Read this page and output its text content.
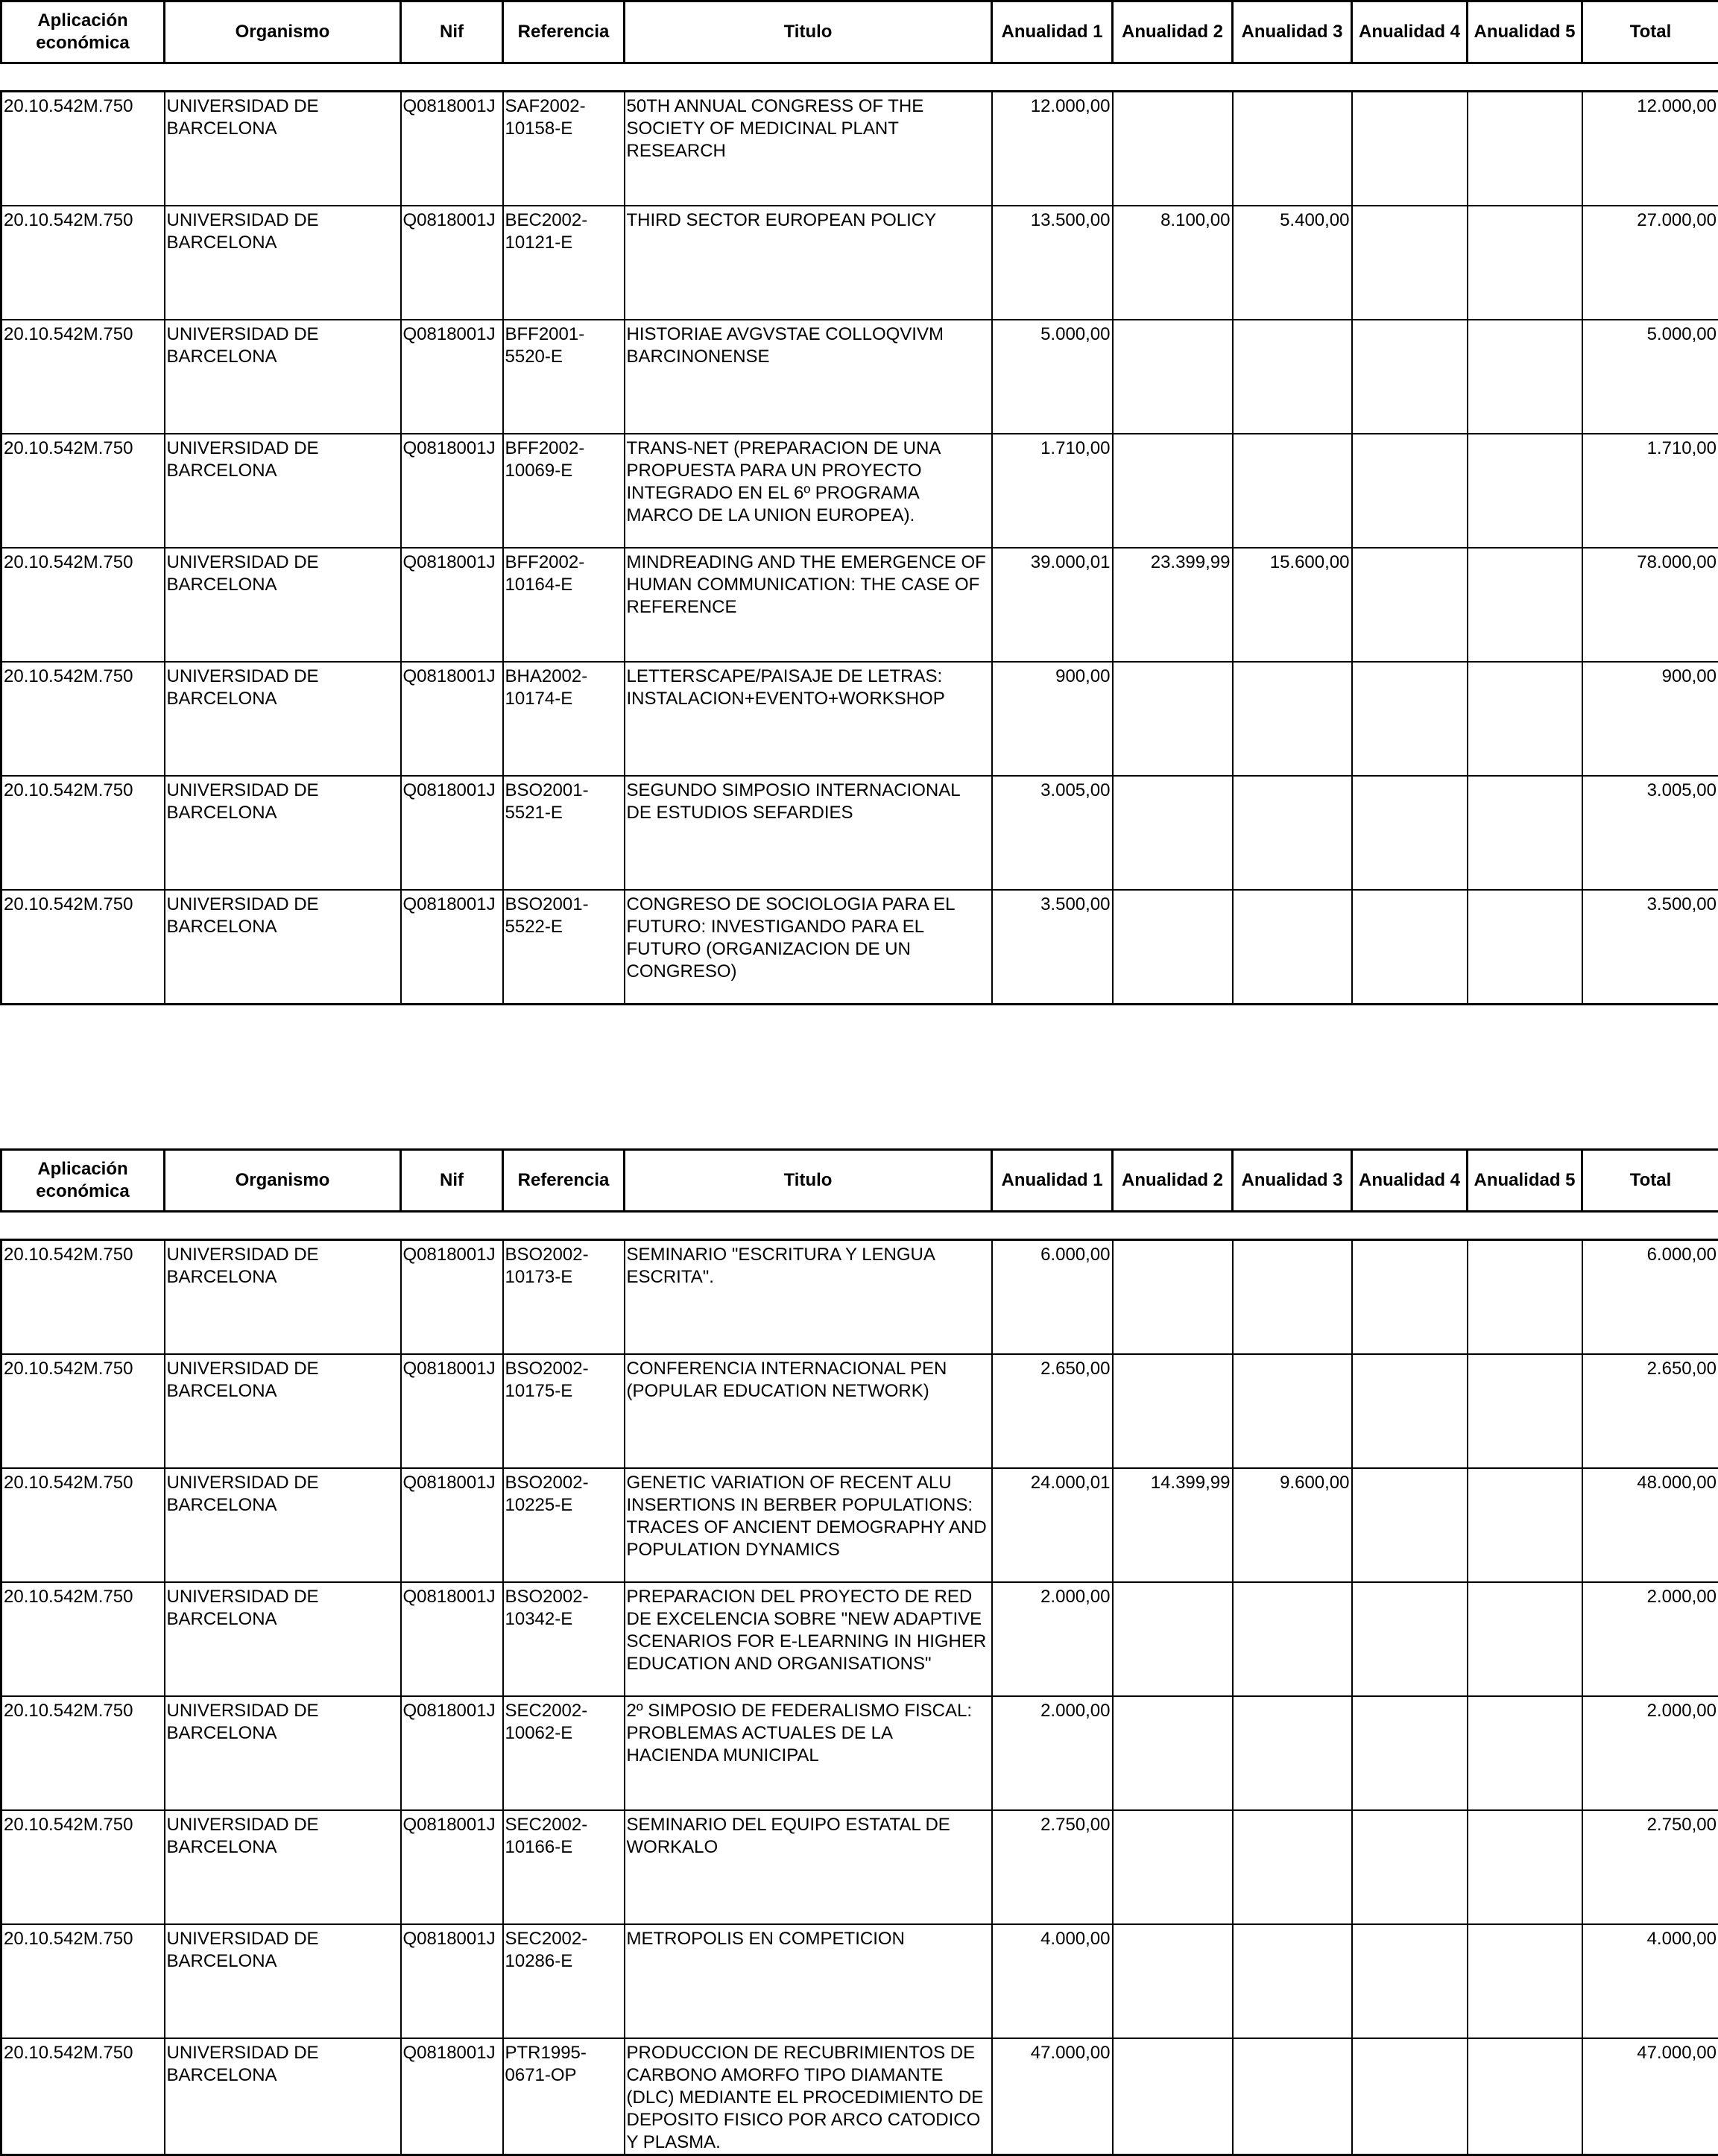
Aplicación económica	Organismo	Nif	Referencia	Titulo	Anualidad 1	Anualidad 2	Anualidad 3	Anualidad 4	Anualidad 5	Total
20.10.542M.750	UNIVERSIDAD DE BARCELONA	Q0818001J	SAF2002-10158-E	50TH ANNUAL CONGRESS OF THE SOCIETY OF MEDICINAL PLANT RESEARCH	12.000,00					12.000,00
20.10.542M.750	UNIVERSIDAD DE BARCELONA	Q0818001J	BEC2002-10121-E	THIRD SECTOR EUROPEAN POLICY	13.500,00	8.100,00	5.400,00			27.000,00
20.10.542M.750	UNIVERSIDAD DE BARCELONA	Q0818001J	BFF2001-5520-E	HISTORIAE AVGVSTAE COLLOQVIVM BARCINONENSE	5.000,00					5.000,00
20.10.542M.750	UNIVERSIDAD DE BARCELONA	Q0818001J	BFF2002-10069-E	TRANS-NET (PREPARACION DE UNA PROPUESTA PARA UN PROYECTO INTEGRADO EN EL 6º PROGRAMA MARCO DE LA UNION EUROPEA).	1.710,00					1.710,00
20.10.542M.750	UNIVERSIDAD DE BARCELONA	Q0818001J	BFF2002-10164-E	MINDREADING AND THE EMERGENCE OF HUMAN COMMUNICATION: THE CASE OF REFERENCE	39.000,01	23.399,99	15.600,00			78.000,00
20.10.542M.750	UNIVERSIDAD DE BARCELONA	Q0818001J	BHA2002-10174-E	LETTERSCAPE/PAISAJE DE LETRAS: INSTALACION+EVENTO+WORKSHOP	900,00					900,00
20.10.542M.750	UNIVERSIDAD DE BARCELONA	Q0818001J	BSO2001-5521-E	SEGUNDO SIMPOSIO INTERNACIONAL DE ESTUDIOS SEFARDIES	3.005,00					3.005,00
20.10.542M.750	UNIVERSIDAD DE BARCELONA	Q0818001J	BSO2001-5522-E	CONGRESO DE SOCIOLOGIA PARA EL FUTURO: INVESTIGANDO PARA EL FUTURO (ORGANIZACION DE UN CONGRESO)	3.500,00					3.500,00
Aplicación económica	Organismo	Nif	Referencia	Titulo	Anualidad 1	Anualidad 2	Anualidad 3	Anualidad 4	Anualidad 5	Total
20.10.542M.750	UNIVERSIDAD DE BARCELONA	Q0818001J	BSO2002-10173-E	SEMINARIO "ESCRITURA Y LENGUA ESCRITA".	6.000,00					6.000,00
20.10.542M.750	UNIVERSIDAD DE BARCELONA	Q0818001J	BSO2002-10175-E	CONFERENCIA INTERNACIONAL PEN (POPULAR EDUCATION NETWORK)	2.650,00					2.650,00
20.10.542M.750	UNIVERSIDAD DE BARCELONA	Q0818001J	BSO2002-10225-E	GENETIC VARIATION OF RECENT ALU INSERTIONS IN BERBER POPULATIONS: TRACES OF ANCIENT DEMOGRAPHY AND POPULATION DYNAMICS	24.000,01	14.399,99	9.600,00			48.000,00
20.10.542M.750	UNIVERSIDAD DE BARCELONA	Q0818001J	BSO2002-10342-E	PREPARACION DEL PROYECTO DE RED DE EXCELENCIA SOBRE "NEW ADAPTIVE SCENARIOS FOR E-LEARNING IN HIGHER EDUCATION AND ORGANISATIONS"	2.000,00					2.000,00
20.10.542M.750	UNIVERSIDAD DE BARCELONA	Q0818001J	SEC2002-10062-E	2º SIMPOSIO DE FEDERALISMO FISCAL: PROBLEMAS ACTUALES DE LA HACIENDA MUNICIPAL	2.000,00					2.000,00
20.10.542M.750	UNIVERSIDAD DE BARCELONA	Q0818001J	SEC2002-10166-E	SEMINARIO DEL EQUIPO ESTATAL DE WORKALO	2.750,00					2.750,00
20.10.542M.750	UNIVERSIDAD DE BARCELONA	Q0818001J	SEC2002-10286-E	METROPOLIS EN COMPETICION	4.000,00					4.000,00
20.10.542M.750	UNIVERSIDAD DE BARCELONA	Q0818001J	PTR1995-0671-OP	PRODUCCION DE RECUBRIMIENTOS DE CARBONO AMORFO TIPO DIAMANTE (DLC) MEDIANTE EL PROCEDIMIENTO DE DEPOSITO FISICO POR ARCO CATODICO Y PLASMA.	47.000,00					47.000,00
